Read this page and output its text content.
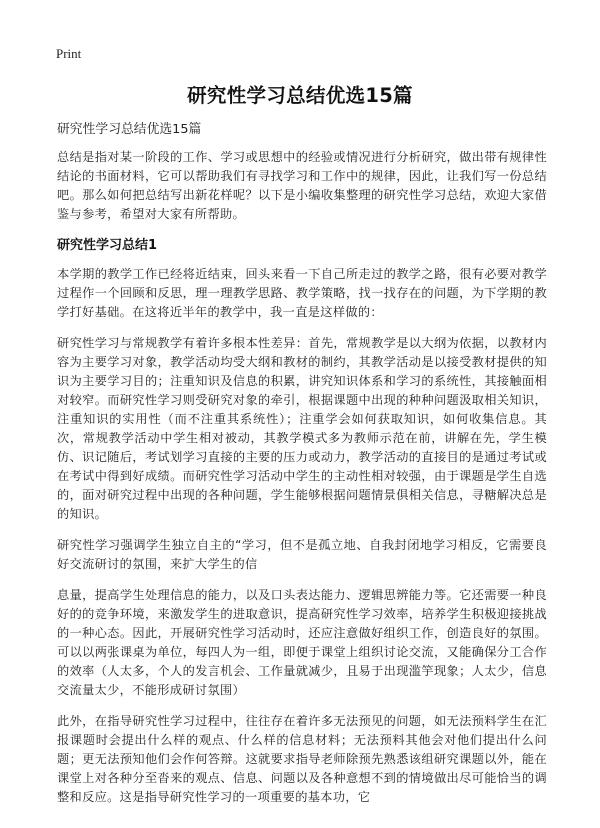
Print
研究性学习总结优选15篇
研究性学习总结优选15篇

总结是指对某一阶段的工作、学习或思想中的经验或情况进行分析研究，做出带有规律性结论的书面材料，它可以帮助我们有寻找学习和工作中的规律，因此，让我们写一份总结吧。那么如何把总结写出新花样呢？以下是小编收集整理的研究性学习总结，欢迎大家借鉴与参考，希望对大家有所帮助。

研究性学习总结1

本学期的教学工作已经将近结束，回头来看一下自己所走过的教学之路，很有必要对教学过程作一个回顾和反思，理一理教学思路、教学策略，找一找存在的问题，为下学期的教学打好基础。在这将近半年的教学中，我一直是这样做的：

研究性学习与常规教学有着许多根本性差异：首先，常规教学是以大纲为依据，以教材内容为主要学习对象，教学活动均受大纲和教材的制约，其教学活动是以接受教材提供的知识为主要学习目的；注重知识及信息的积累，讲究知识体系和学习的系统性，其接触面相对较窄。而研究性学习则受研究对象的牵引，根据课题中出现的种种问题汲取相关知识，注重知识的实用性（而不注重其系统性）；注重学会如何获取知识，如何收集信息。其次，常规教学活动中学生相对被动，其教学模式多为教师示范在前，讲解在先，学生模仿、识记随后，考试划学习直接的主要的压力或动力，教学活动的直接目的是通过考试或在考试中得到好成绩。而研究性学习活动中学生的主动性相对较强，由于课题是学生自选的，面对研究过程中出现的各种问题，学生能够根据问题情景俱相关信息，寻糖解决总是的知识。

研究性学习强调学生独立自主的“学习，但不是孤立地、自我封闭地学习相反，它需要良好交流研讨的氛围，来扩大学生的信

息量，提高学生处理信息的能力，以及口头表达能力、逻辑思辨能力等。它还需要一种良好的的竞争环境，来激发学生的进取意识，提高研究性学习效率，培养学生积极迎接挑战的一种心态。因此，开展研究性学习活动时，还应注意做好组织工作，创造良好的氛围。可以以两张课桌为单位，每四人为一组，即便于课堂上组织讨论交流，又能确保分工合作的效率（人太多，个人的发言机会、工作量就减少，且易于出现滥竽现象；人太少，信息交流量太少，不能形成研讨氛围）

此外，在指导研究性学习过程中，往往存在着许多无法预见的问题，如无法预料学生在汇报课题时会提出什么样的观点、什么样的信息材料；无法预料其他会对他们提出什么问题；更无法预知他们会作何答辩。这就要求指导老师除预先熟悉该组研究课题以外，能在课堂上对各种分至沓来的观点、信息、问题以及各种意想不到的情境做出尽可能恰当的调整和反应。这是指导研究性学习的一项重要的基本功，它
